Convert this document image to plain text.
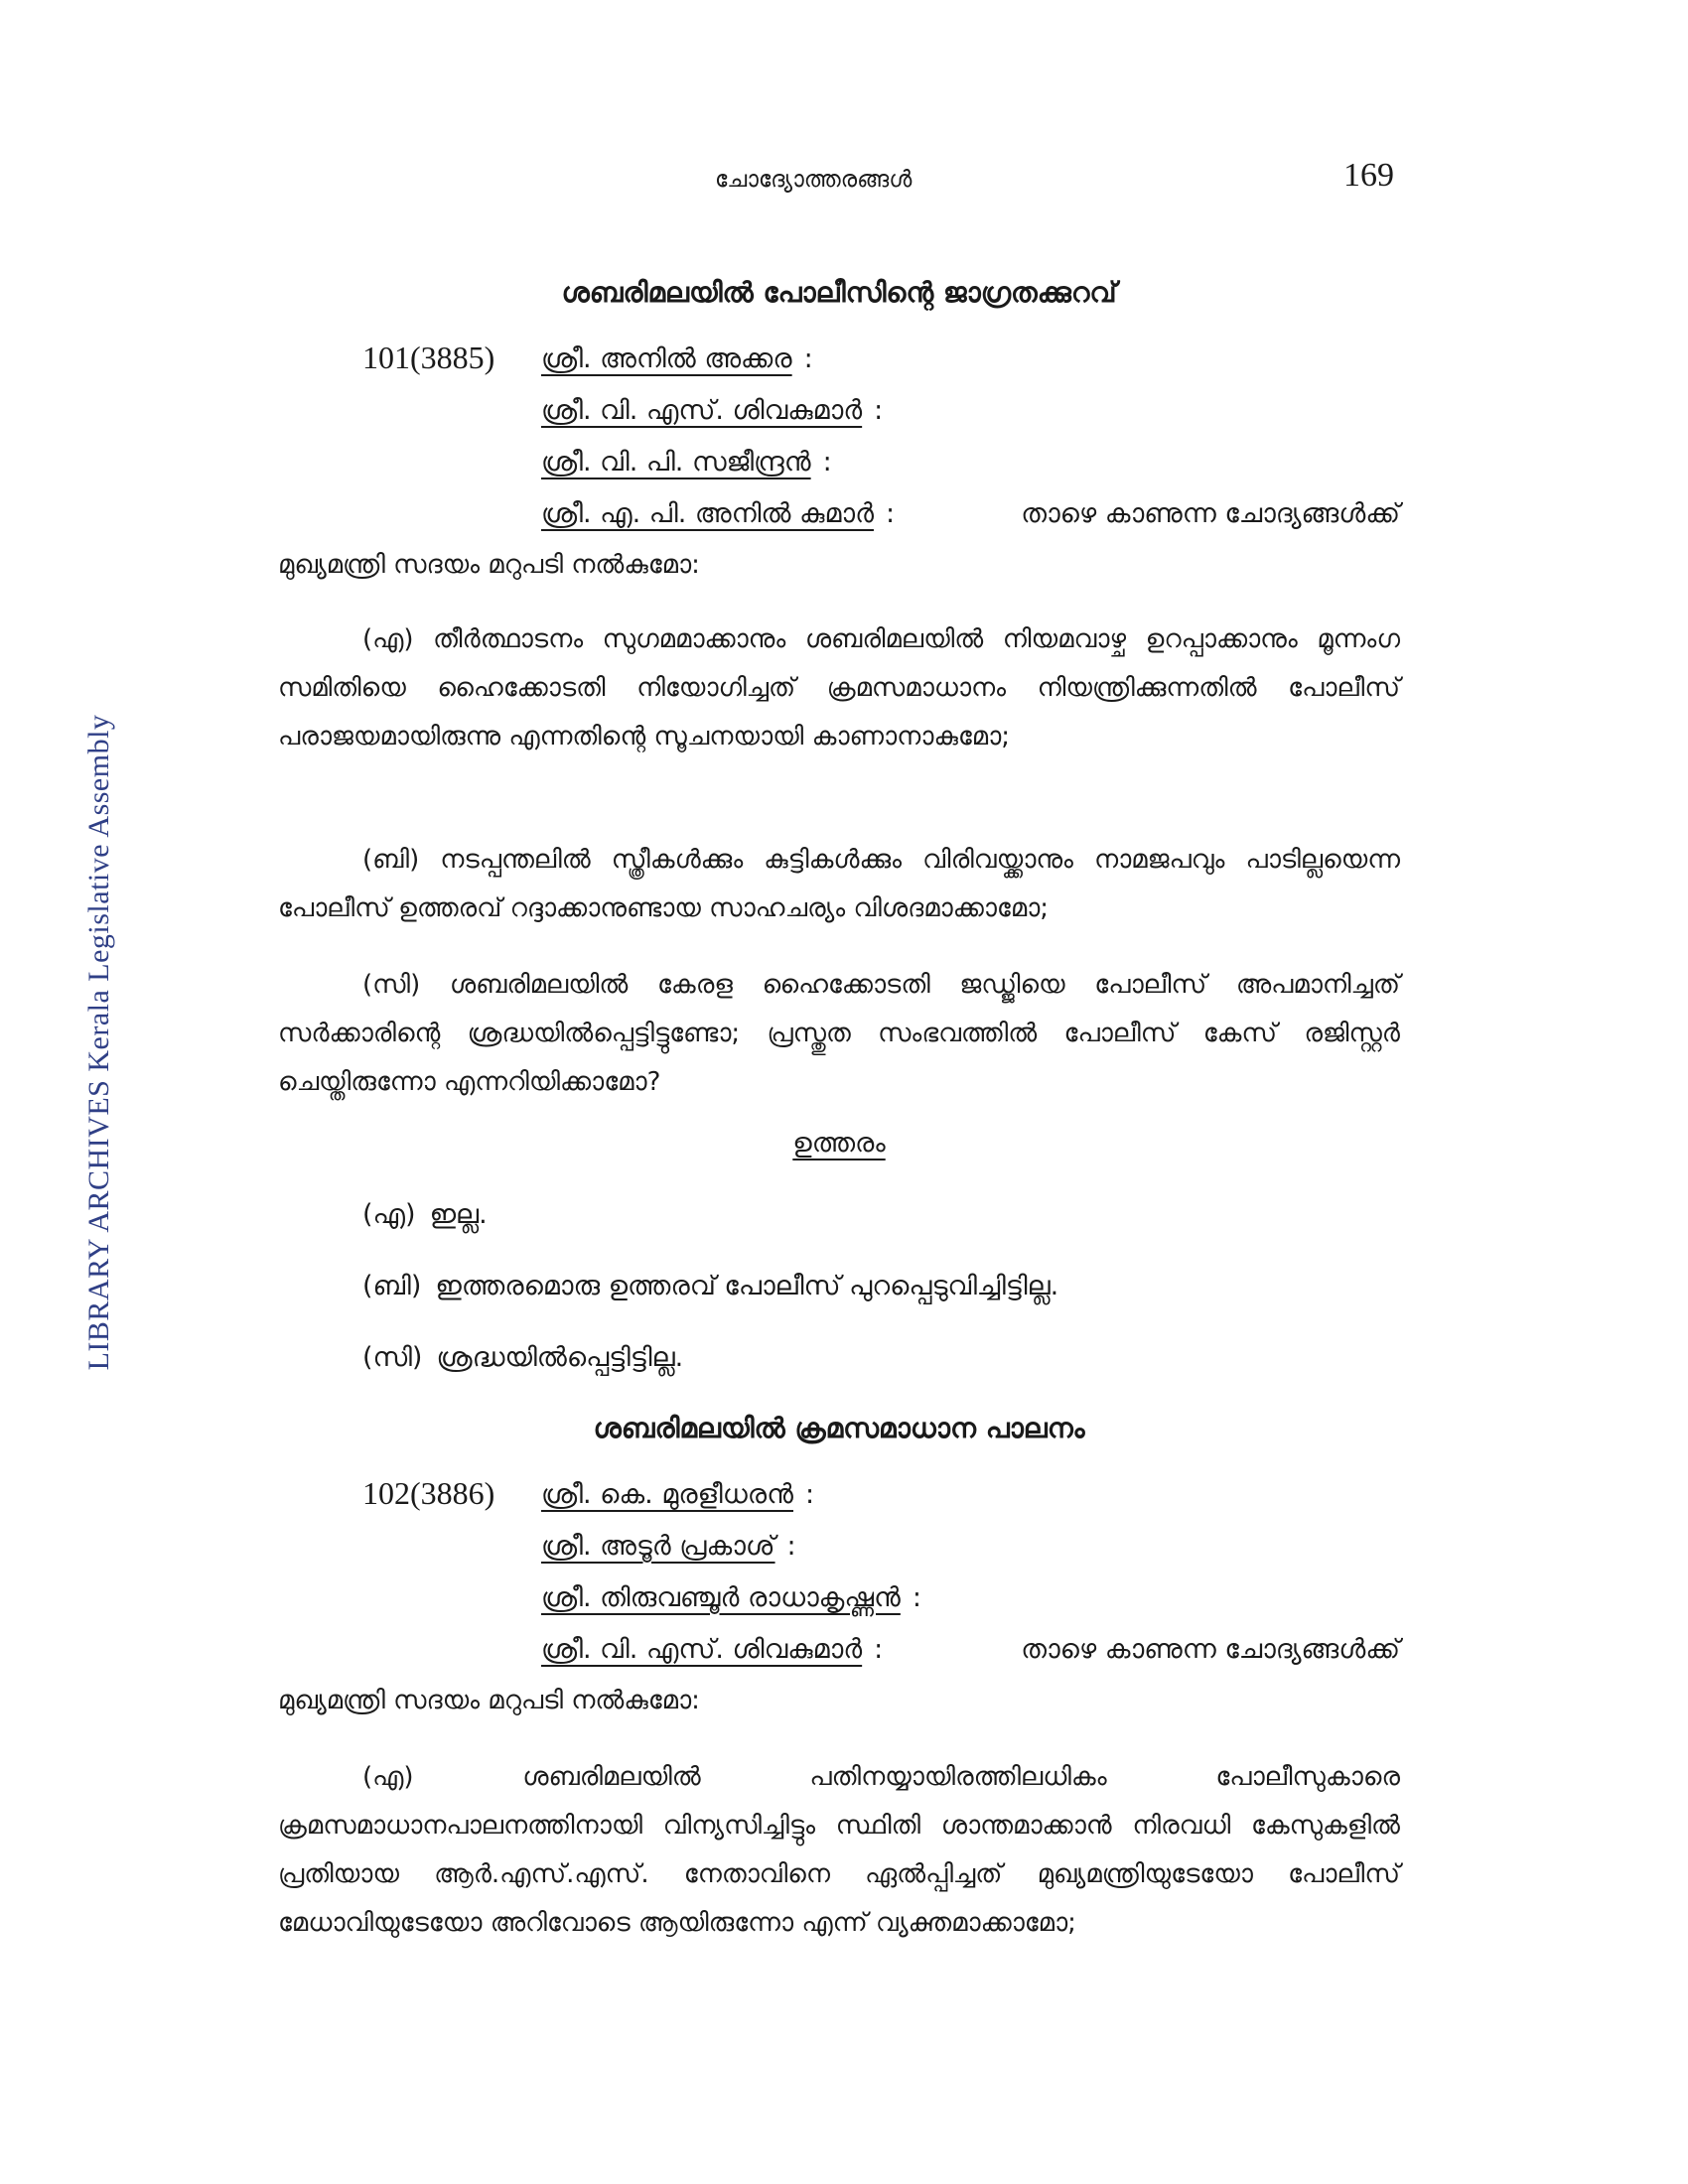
LIBRARY ARCHIVES Kerala Legislative Assembly
ചോദ്യോത്തരങ്ങൾ	169
ശബരിമലയിൽ പോലീസിന്റെ ജാഗ്രതക്കുറവ്
101(3885) ശ്രീ. അനിൽ അക്കര :
ശ്രീ. വി. എസ്. ശിവകുമാർ :
ശ്രീ. വി. പി. സജീന്ദ്രൻ :
ശ്രീ. എ. പി. അനിൽ കുമാർ :	താഴെ കാണുന്ന ചോദ്യങ്ങൾക്ക്
മുഖ്യമന്ത്രി സദയം മറുപടി നൽകുമോ:
(എ) തീർത്ഥാടനം സുഗമമാക്കാനും ശബരിമലയിൽ നിയമവാഴ്ച ഉറപ്പാക്കാനും മൂന്നംഗ സമിതിയെ ഹൈക്കോടതി നിയോഗിച്ചത് ക്രമസമാധാനം നിയന്ത്രിക്കുന്നതിൽ പോലീസ് പരാജയമായിരുന്നു എന്നതിന്റെ സൂചനയായി കാണാനാകുമോ;
(ബി) നടപ്പന്തലിൽ സ്ത്രീകൾക്കും കുട്ടികൾക്കും വിരിവയ്ക്കാനും നാമജപവും പാടില്ലയെന്ന പോലീസ് ഉത്തരവ് റദ്ദാക്കാനുണ്ടായ സാഹചര്യം വിശദമാക്കാമോ;
(സി) ശബരിമലയിൽ കേരള ഹൈക്കോടതി ജഡ്ജിയെ പോലീസ് അപമാനിച്ചത് സർക്കാരിന്റെ ശ്രദ്ധയിൽപ്പെട്ടിട്ടുണ്ടോ; പ്രസ്തുത സംഭവത്തിൽ പോലീസ് കേസ് രജിസ്റ്റർ ചെയ്തിരുന്നോ എന്നറിയിക്കാമോ?
ഉത്തരം
(എ) ഇല്ല.
(ബി) ഇത്തരമൊരു ഉത്തരവ് പോലീസ് പുറപ്പെടുവിച്ചിട്ടില്ല.
(സി) ശ്രദ്ധയിൽപ്പെട്ടിട്ടില്ല.
ശബരിമലയിൽ ക്രമസമാധാന പാലനം
102(3886) ശ്രീ. കെ. മുരളീധരൻ :
ശ്രീ. അടൂർ പ്രകാശ് :
ശ്രീ. തിരുവഞ്ചൂർ രാധാകൃഷ്ണൻ :
ശ്രീ. വി. എസ്. ശിവകുമാർ :	താഴെ കാണുന്ന ചോദ്യങ്ങൾക്ക്
മുഖ്യമന്ത്രി സദയം മറുപടി നൽകുമോ:
(എ) ശബരിമലയിൽ പതിനയ്യായിരത്തിലധികം പോലീസുകാരെ ക്രമസമാധാനപാലനത്തിനായി വിന്യസിച്ചിട്ടും സ്ഥിതി ശാന്തമാക്കാൻ നിരവധി കേസുകളിൽ പ്രതിയായ ആർ.എസ്.എസ്. നേതാവിനെ ഏൽപ്പിച്ചത് മുഖ്യമന്ത്രിയുടേയോ പോലീസ് മേധാവിയുടേയോ അറിവോടെ ആയിരുന്നോ എന്ന് വ്യക്തമാക്കാമോ;
